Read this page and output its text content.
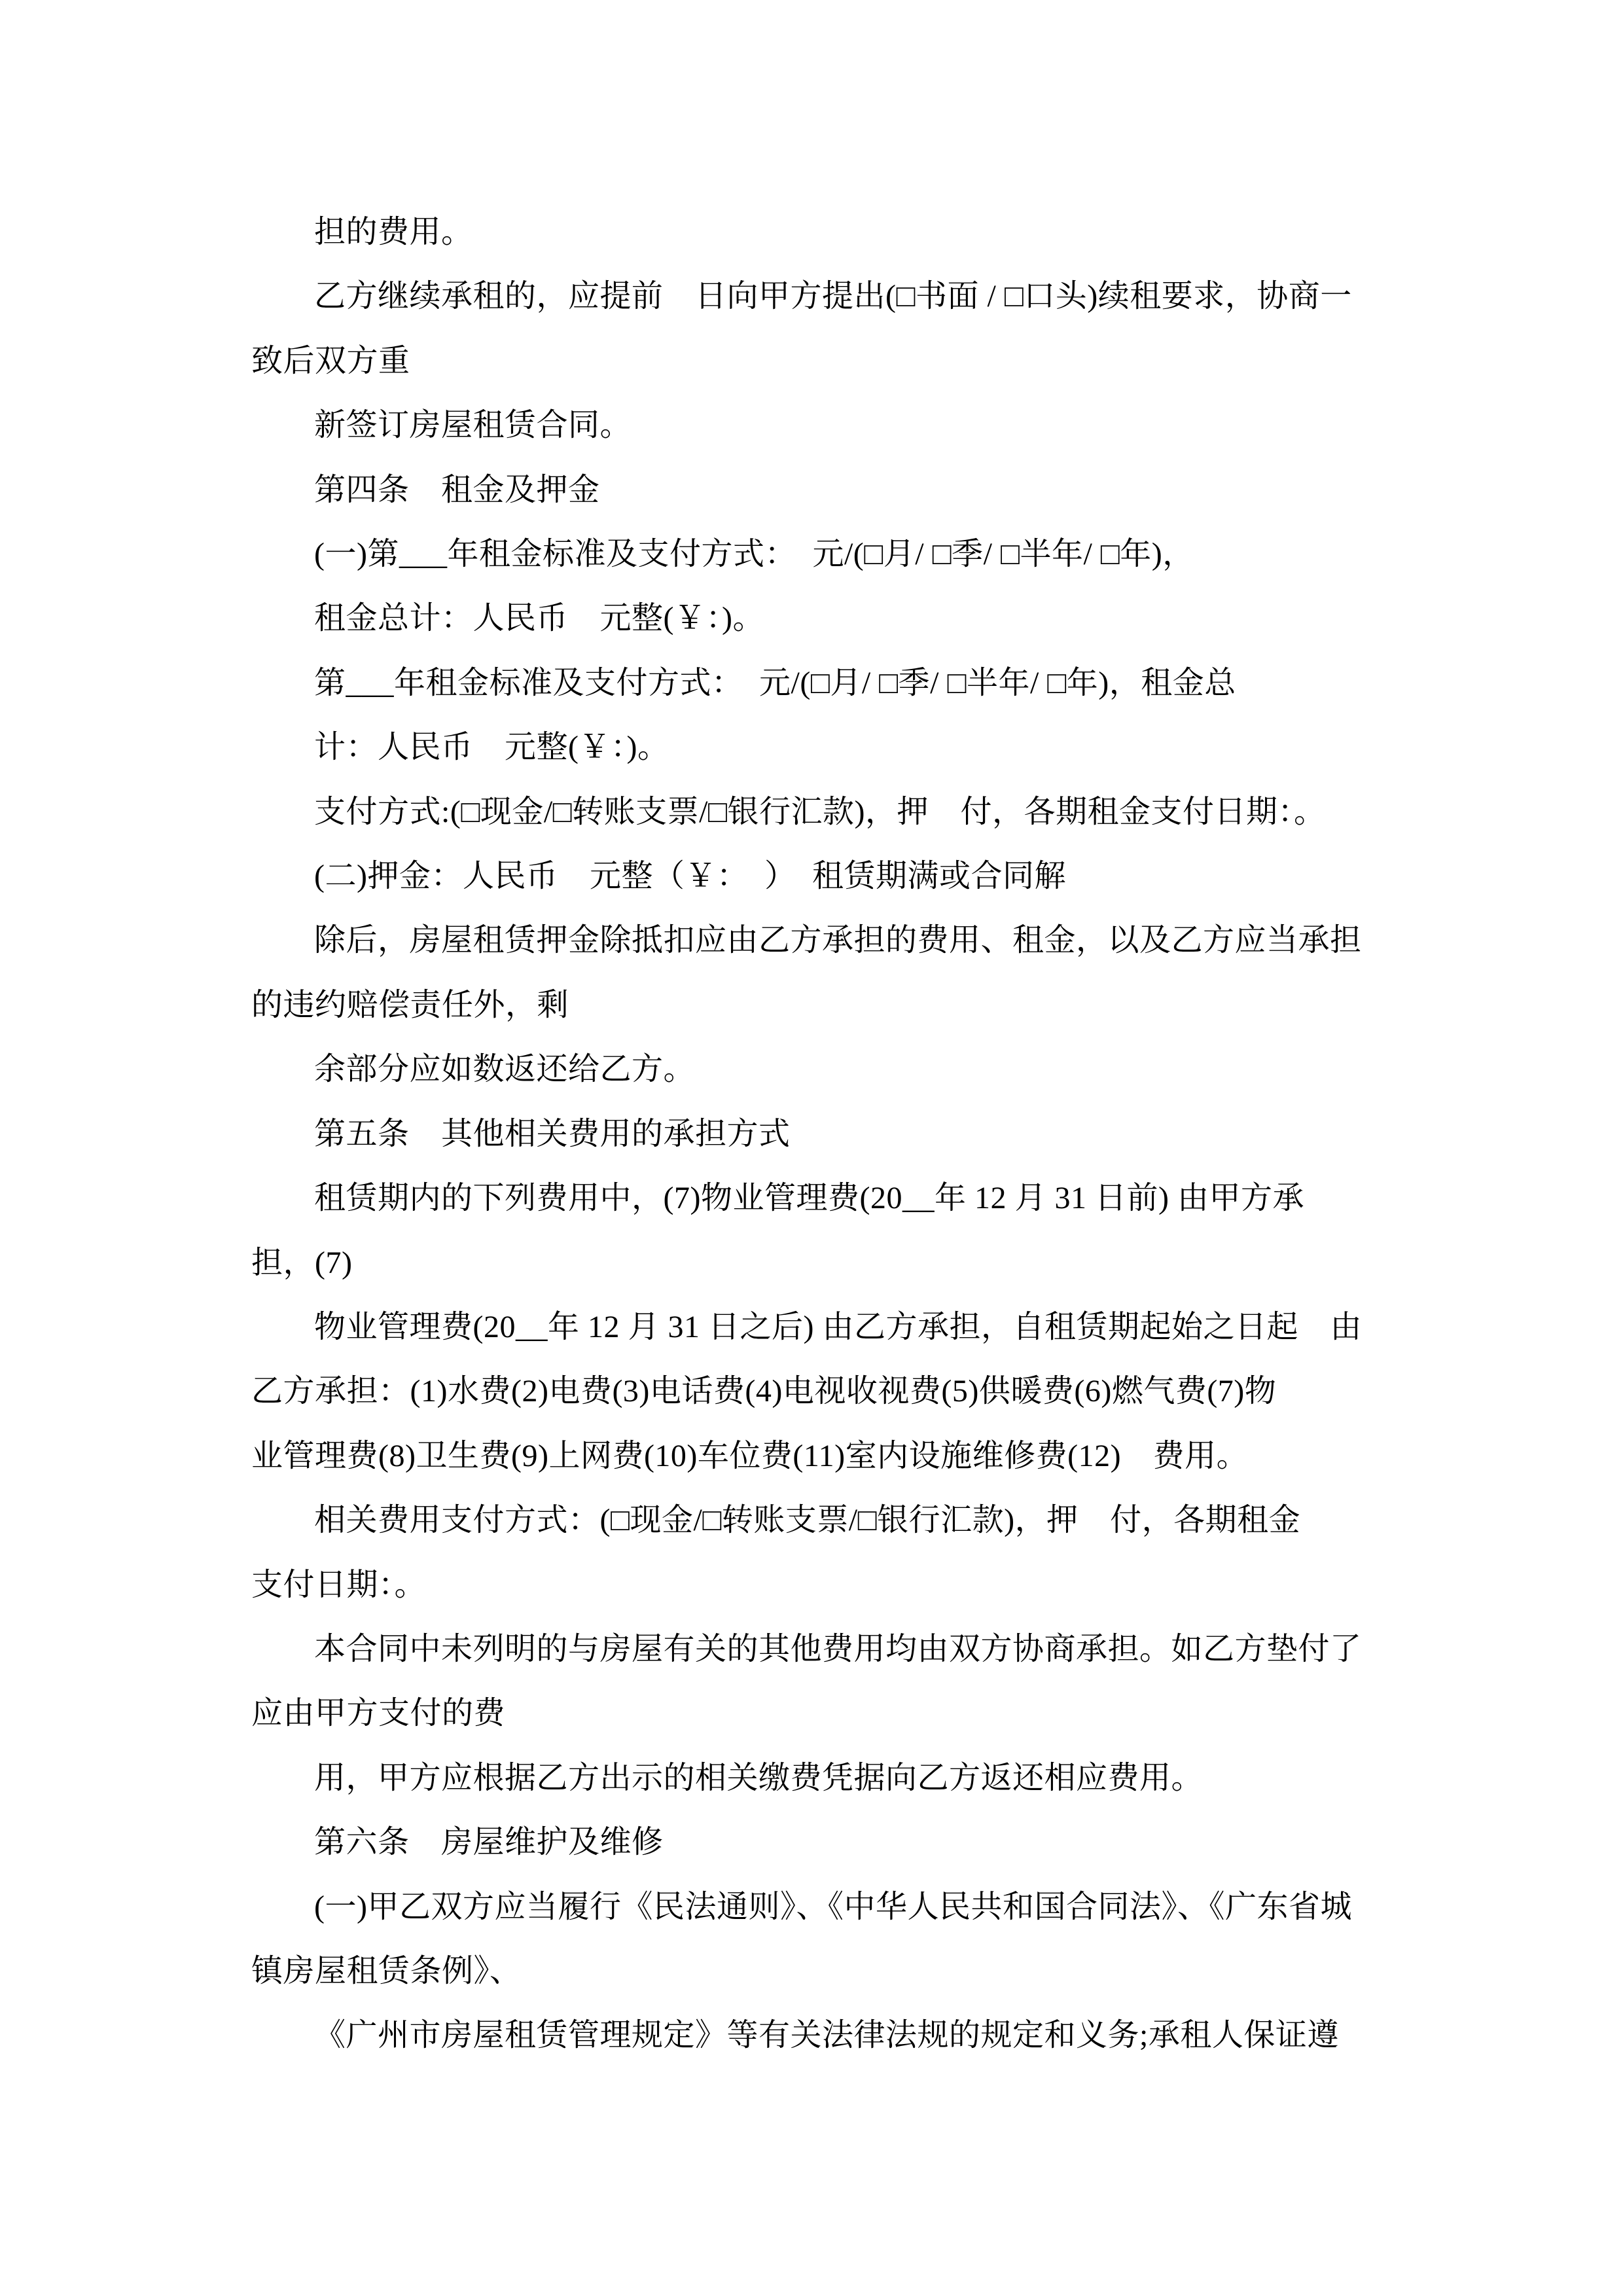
担的费用。
乙方继续承租的，应提前　日向甲方提出(□书面 / □口头)续租要求，协商一
致后双方重
新签订房屋租赁合同。
第四条　租金及押金
(一)第___年租金标准及支付方式：　元/(□月/ □季/ □半年/ □年)，
租金总计：人民币　元整(￥：)。
第___年租金标准及支付方式：　元/(□月/ □季/ □半年/ □年)，租金总
计：人民币　元整(￥：)。
支付方式:(□现金/□转账支票/□银行汇款)，押　付，各期租金支付日期：。
(二)押金：人民币　元整（￥：　）　租赁期满或合同解
除后，房屋租赁押金除抵扣应由乙方承担的费用、租金，以及乙方应当承担
的违约赔偿责任外，剩
余部分应如数返还给乙方。
第五条　其他相关费用的承担方式
租赁期内的下列费用中，(7)物业管理费(20__年 12 月 31 日前) 由甲方承
担，(7)
物业管理费(20__年 12 月 31 日之后) 由乙方承担，自租赁期起始之日起　由
乙方承担：(1)水费(2)电费(3)电话费(4)电视收视费(5)供暖费(6)燃气费(7)物
业管理费(8)卫生费(9)上网费(10)车位费(11)室内设施维修费(12)　费用。
相关费用支付方式：(□现金/□转账支票/□银行汇款)，押　付，各期租金
支付日期：。
本合同中未列明的与房屋有关的其他费用均由双方协商承担。如乙方垫付了
应由甲方支付的费
用，甲方应根据乙方出示的相关缴费凭据向乙方返还相应费用。
第六条　房屋维护及维修
(一)甲乙双方应当履行《民法通则》、《中华人民共和国合同法》、《广东省城
镇房屋租赁条例》、
《广州市房屋租赁管理规定》等有关法律法规的规定和义务;承租人保证遵
